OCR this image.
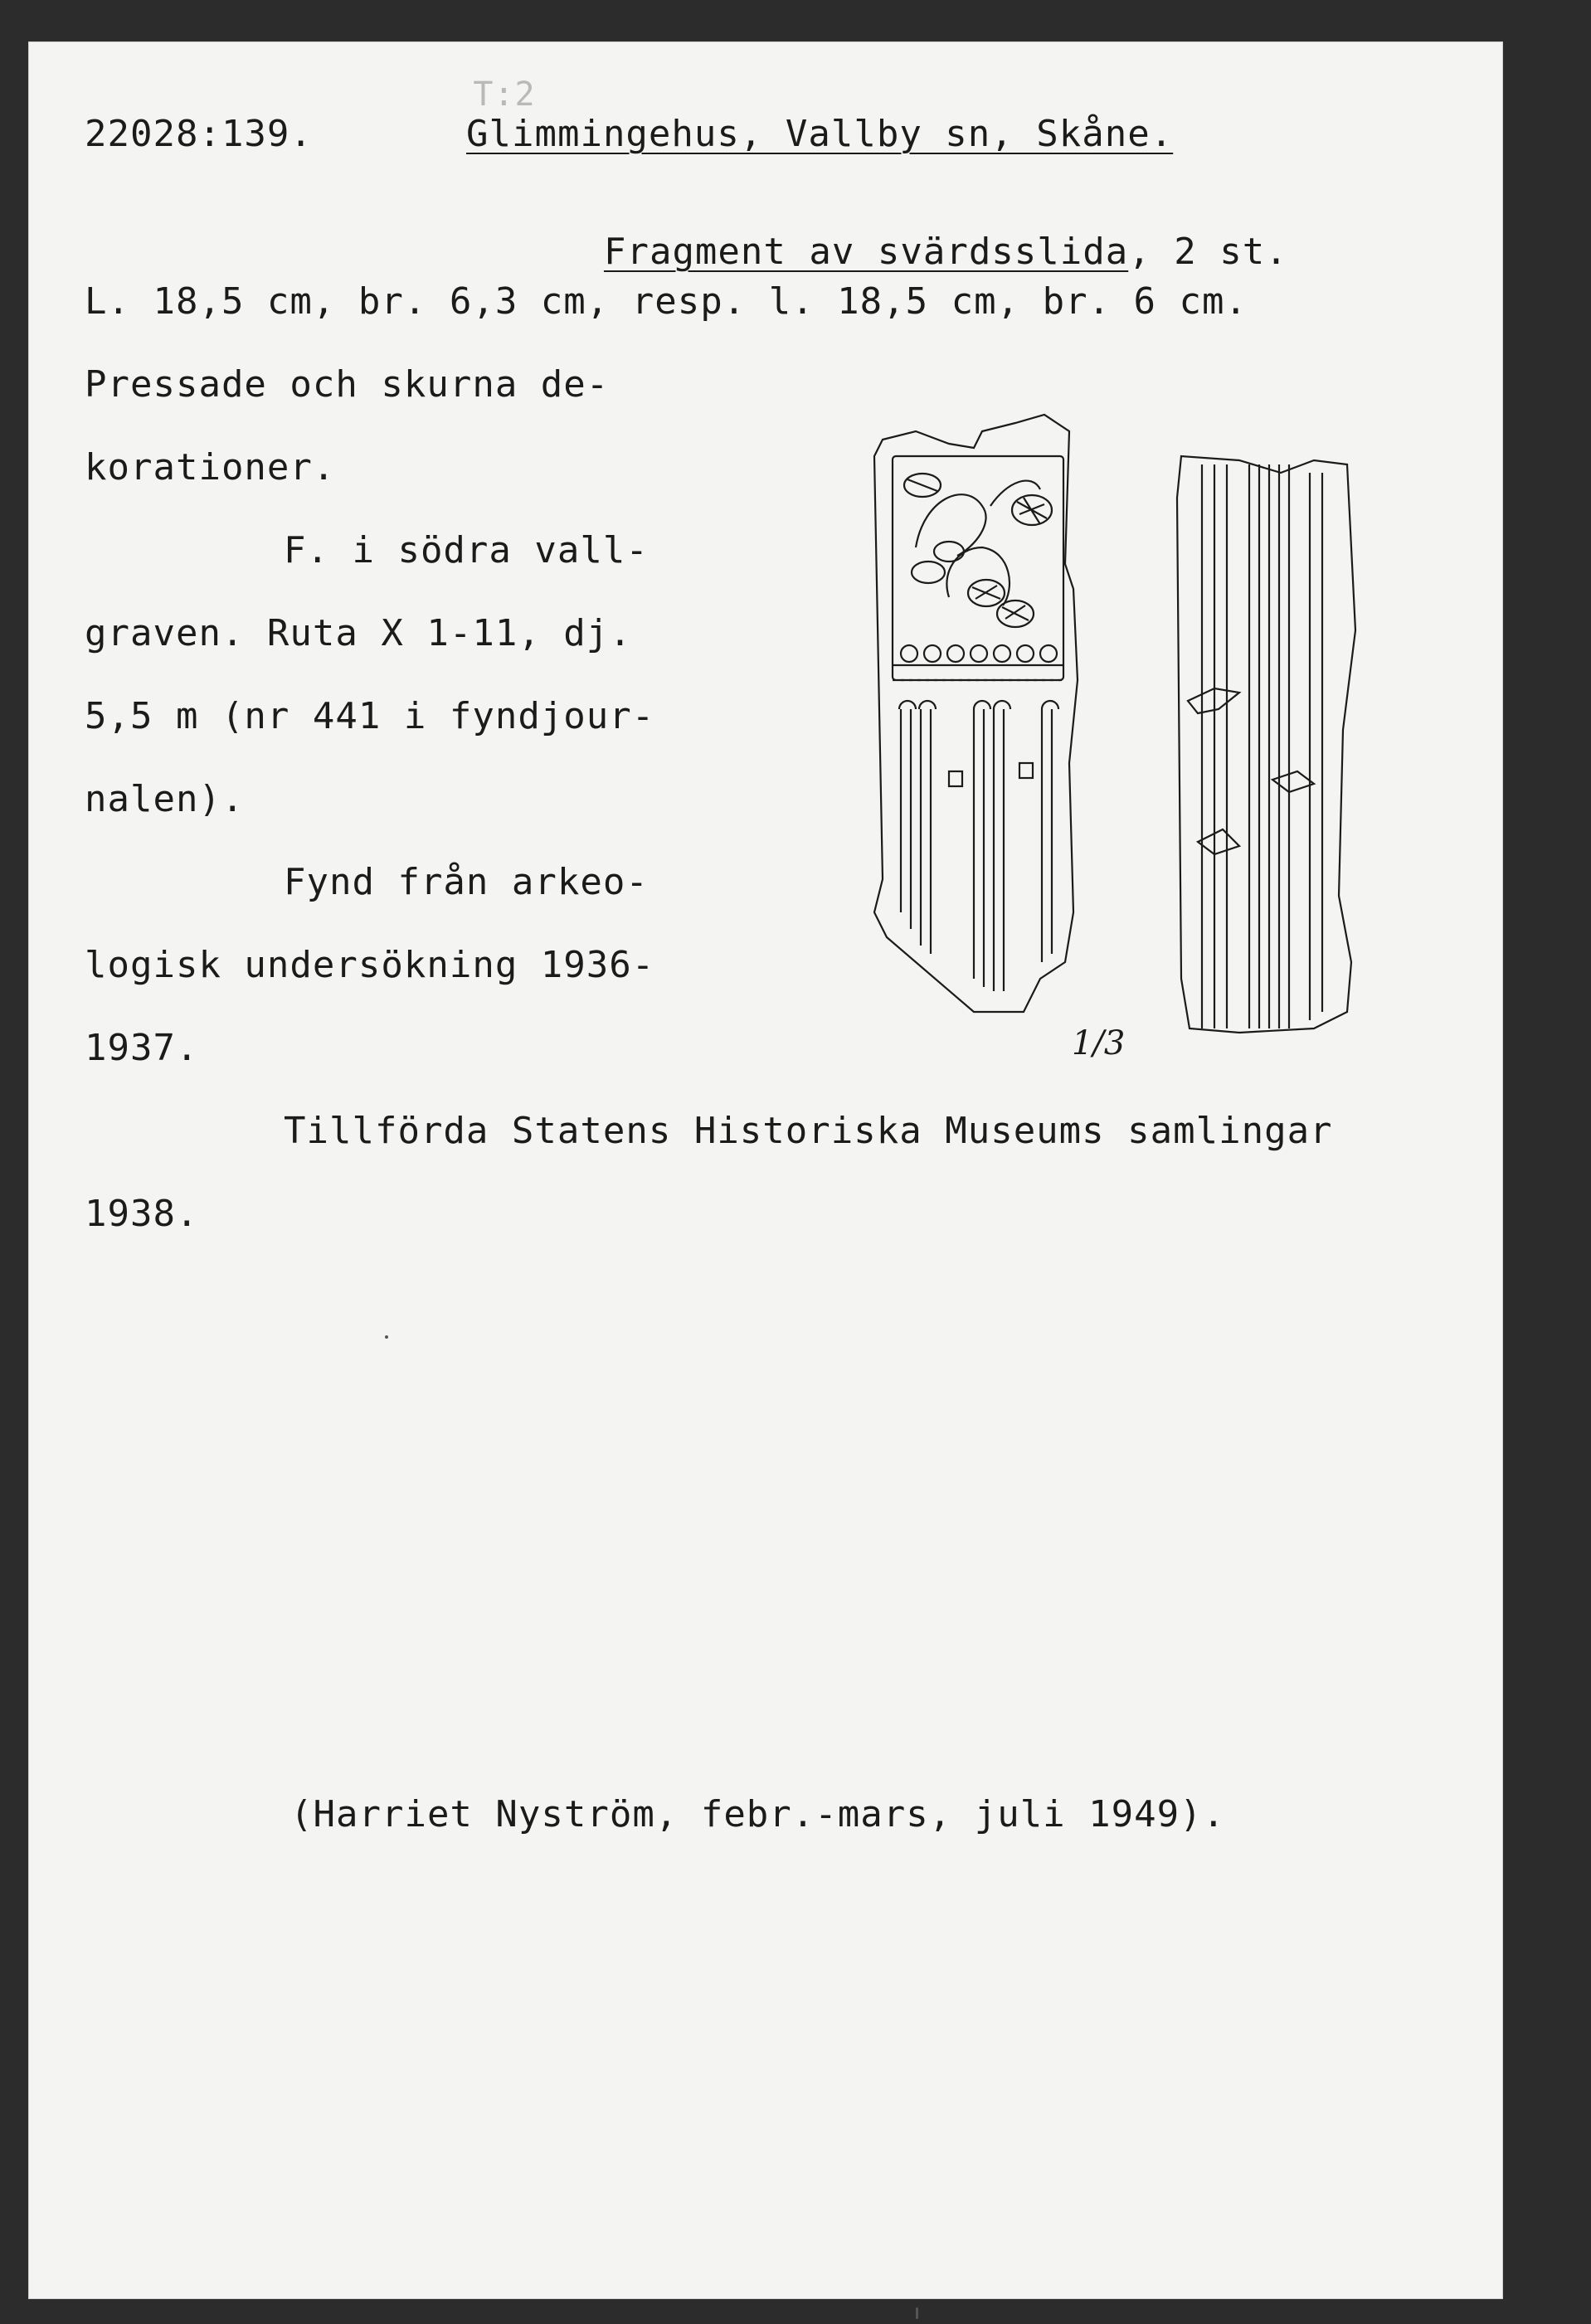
T:2

22028:139.	Glimmingehus, Vallby sn, Skåne.

Fragment av svärdsslida, 2 st.

L. 18,5 cm, br. 6,3 cm, resp. l. 18,5 cm, br. 6 cm.
Pressade och skurna de-
korationer.
F. i södra vall-
graven. Ruta X 1-11, dj.
5,5 m (nr 441 i fyndjour-
nalen).
Fynd från arkeo-
logisk undersökning 1936-
1937.
Tillförda Statens Historiska Museums samlingar
1938.
(Harriet Nyström, febr.-mars, juli 1949).
1/3
